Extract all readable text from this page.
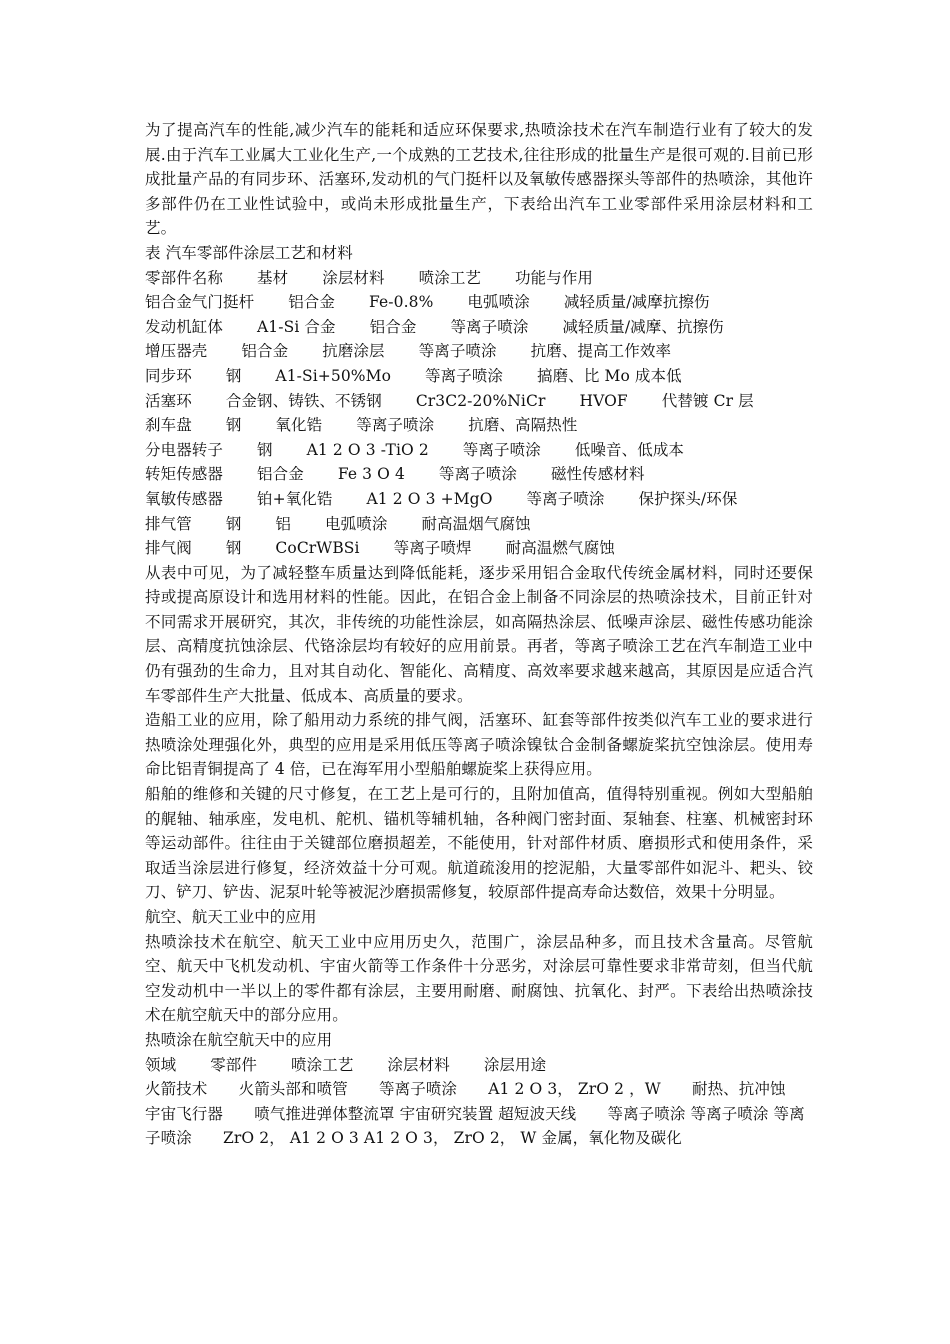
为了提高汽车的性能,减少汽车的能耗和适应环保要求,热喷涂技术在汽车制造行业有了较大的发展.由于汽车工业属大工业化生产,一个成熟的工艺技术,往往形成的批量生产是很可观的.目前已形成批量产品的有同步环、活塞环,发动机的气门挺杆以及氧敏传感器探头等部件的热喷涂，其他许多部件仍在工业性试验中，或尚未形成批量生产，下表给出汽车工业零部件采用涂层材料和工艺。

表 汽车零部件涂层工艺和材料
零部件名称 基材 涂层材料 喷涂工艺 功能与作用
铝合金气门挺杆 铝合金 Fe-0.8% 电弧喷涂 减轻质量/减摩抗擦伤
发动机缸体 A1-Si 合金 铝合金 等离子喷涂 减轻质量/减摩、抗擦伤
增压器壳 铝合金 抗磨涂层 等离子喷涂 抗磨、提高工作效率
同步环 钢 A1-Si+50%Mo 等离子喷涂 搞磨、比 Mo 成本低
活塞环 合金钢、铸铁、不锈钢 Cr3C2-20%NiCr HVOF 代替镀 Cr 层
刹车盘 钢 氧化锆 等离子喷涂 抗磨、高隔热性
分电器转子 钢 A1 2 O 3 -TiO 2 等离子喷涂 低噪音、低成本
转矩传感器 铝合金 Fe 3 O 4 等离子喷涂 磁性传感材料
氧敏传感器 铂+氧化锆 A1 2 O 3 +MgO 等离子喷涂 保护探头/环保
排气管 钢 铝 电弧喷涂 耐高温烟气腐蚀
排气阀 钢 CoCrWBSi 等离子喷焊 耐高温燃气腐蚀

从表中可见，为了减轻整车质量达到降低能耗，逐步采用铝合金取代传统金属材料，同时还要保持或提高原设计和选用材料的性能。因此，在铝合金上制备不同涂层的热喷涂技术，目前正针对不同需求开展研究，其次，非传统的功能性涂层，如高隔热涂层、低噪声涂层、磁性传感功能涂层、高精度抗蚀涂层、代铬涂层均有较好的应用前景。再者，等离子喷涂工艺在汽车制造工业中仍有强劲的生命力，且对其自动化、智能化、高精度、高效率要求越来越高，其原因是应适合汽车零部件生产大批量、低成本、高质量的要求。

造船工业的应用，除了船用动力系统的排气阀，活塞环、缸套等部件按类似汽车工业的要求进行热喷涂处理强化外，典型的应用是采用低压等离子喷涂镍钛合金制备螺旋桨抗空蚀涂层。使用寿命比铝青铜提高了 4 倍，已在海军用小型船舶螺旋桨上获得应用。

船舶的维修和关键的尺寸修复，在工艺上是可行的，且附加值高，值得特别重视。例如大型船舶的艉轴、轴承座，发电机、舵机、锚机等辅机轴，各种阀门密封面、泵轴套、柱塞、机械密封环等运动部件。往往由于关键部位磨损超差，不能使用，针对部件材质、磨损形式和使用条件，采取适当涂层进行修复，经济效益十分可观。航道疏浚用的挖泥船，大量零部件如泥斗、耙头、铰刀、铲刀、铲齿、泥泵叶轮等被泥沙磨损需修复，较原部件提高寿命达数倍，效果十分明显。

航空、航天工业中的应用

热喷涂技术在航空、航天工业中应用历史久，范围广，涂层品种多，而且技术含量高。尽管航空、航天中飞机发动机、宇宙火箭等工作条件十分恶劣，对涂层可靠性要求非常苛刻，但当代航空发动机中一半以上的零件都有涂层，主要用耐磨、耐腐蚀、抗氧化、封严。下表给出热喷涂技术在航空航天中的部分应用。

热喷涂在航空航天中的应用
领域 零部件 喷涂工艺 涂层材料 涂层用途
火箭技术   火箭头部和喷管   等离子喷涂   A1 2 O 3， ZrO 2 ，W   耐热、抗冲蚀
宇宙飞行器   喷气推进弹体整流罩 宇宙研究装置 超短波天线   等离子喷涂 等离子喷涂 等离子喷涂   ZrO 2， A1 2 O 3 A1 2 O 3， ZrO 2， W 金属，氧化物及碳化
